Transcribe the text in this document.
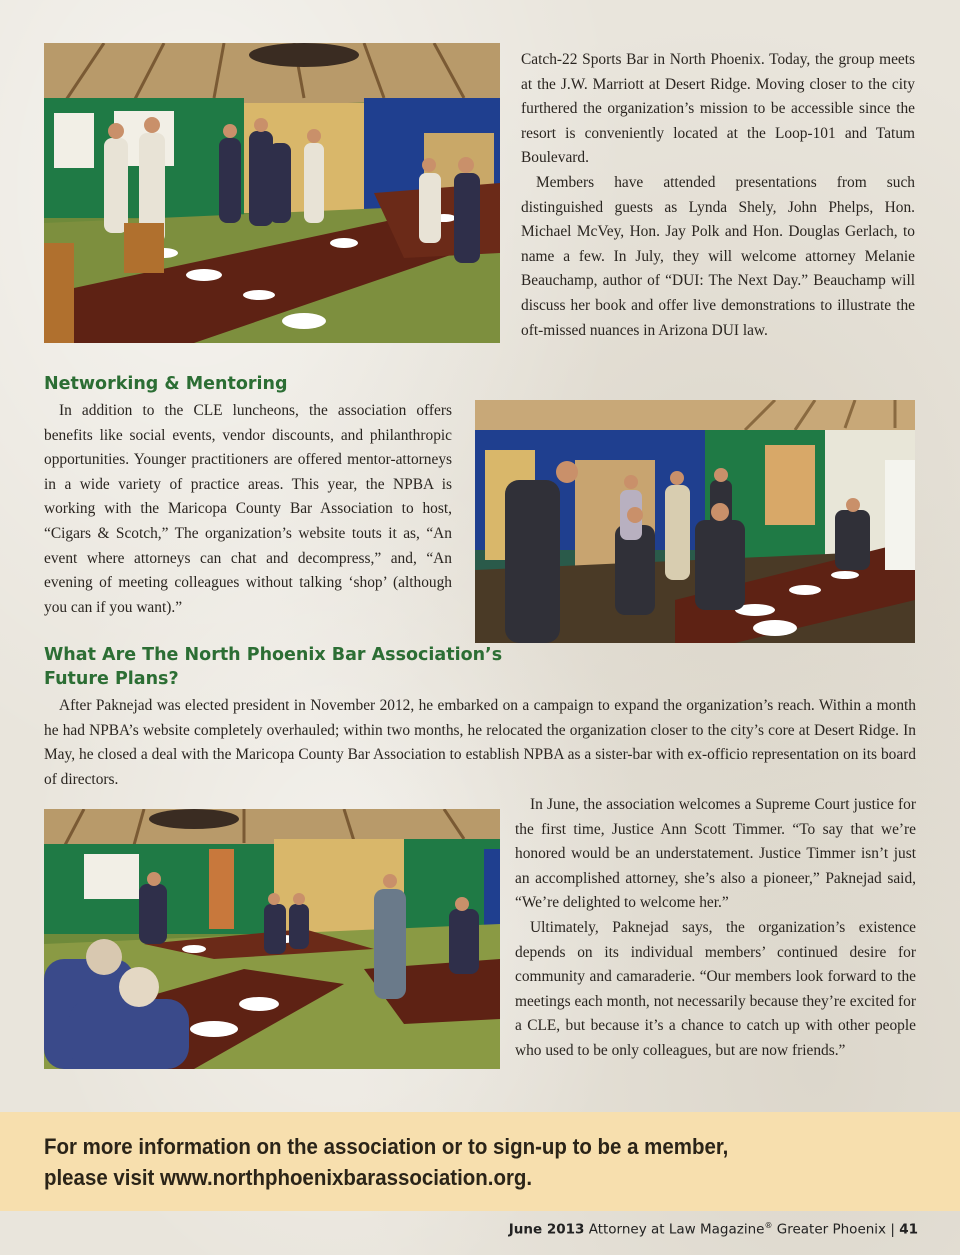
Catch-22 Sports Bar in North Phoenix. Today, the group meets at the J.W. Marriott at Desert Ridge. Moving closer to the city furthered the organization’s mission to be accessible since the resort is conveniently located at the Loop-101 and Tatum Boulevard.

Members have attended presentations from such distinguished guests as Lynda Shely, John Phelps, Hon. Michael McVey, Hon. Jay Polk and Hon. Douglas Gerlach, to name a few. In July, they will welcome attorney Melanie Beauchamp, author of “DUI: The Next Day.” Beauchamp will discuss her book and offer live demonstrations to illustrate the oft-missed nuances in Arizona DUI law.

Networking & Mentoring

In addition to the CLE luncheons, the association offers benefits like social events, vendor discounts, and philanthropic opportunities. Younger practitioners are offered mentor-attorneys in a wide variety of practice areas. This year, the NPBA is working with the Maricopa County Bar Association to host, “Cigars & Scotch,” The organization’s website touts it as, “An event where attorneys can chat and decompress,” and, “An evening of meeting colleagues without talking ‘shop’ (although you can if you want).”

What Are The North Phoenix Bar Association’s
Future Plans?

After Paknejad was elected president in November 2012, he embarked on a campaign to expand the organization’s reach. Within a month he had NPBA’s website completely overhauled; within two months, he relocated the organization closer to the city’s core at Desert Ridge. In May, he closed a deal with the Maricopa County Bar Association to establish NPBA as a sister-bar with ex-officio representation on its board of directors.

In June, the association welcomes a Supreme Court justice for the first time, Justice Ann Scott Timmer. “To say that we’re honored would be an understatement. Justice Timmer isn’t just an accomplished attorney, she’s also a pioneer,” Paknejad said, “We’re delighted to welcome her.”

Ultimately, Paknejad says, the organization’s existence depends on its individual members’ continued desire for community and camaraderie. “Our members look forward to the meetings each month, not necessarily because they’re excited for a CLE, but because it’s a chance to catch up with other people who used to be only colleagues, but are now friends.”

For more information on the association or to sign-up to be a member,
please visit www.northphoenixbarassociation.org.

June 2013 Attorney at Law Magazine® Greater Phoenix | 41
